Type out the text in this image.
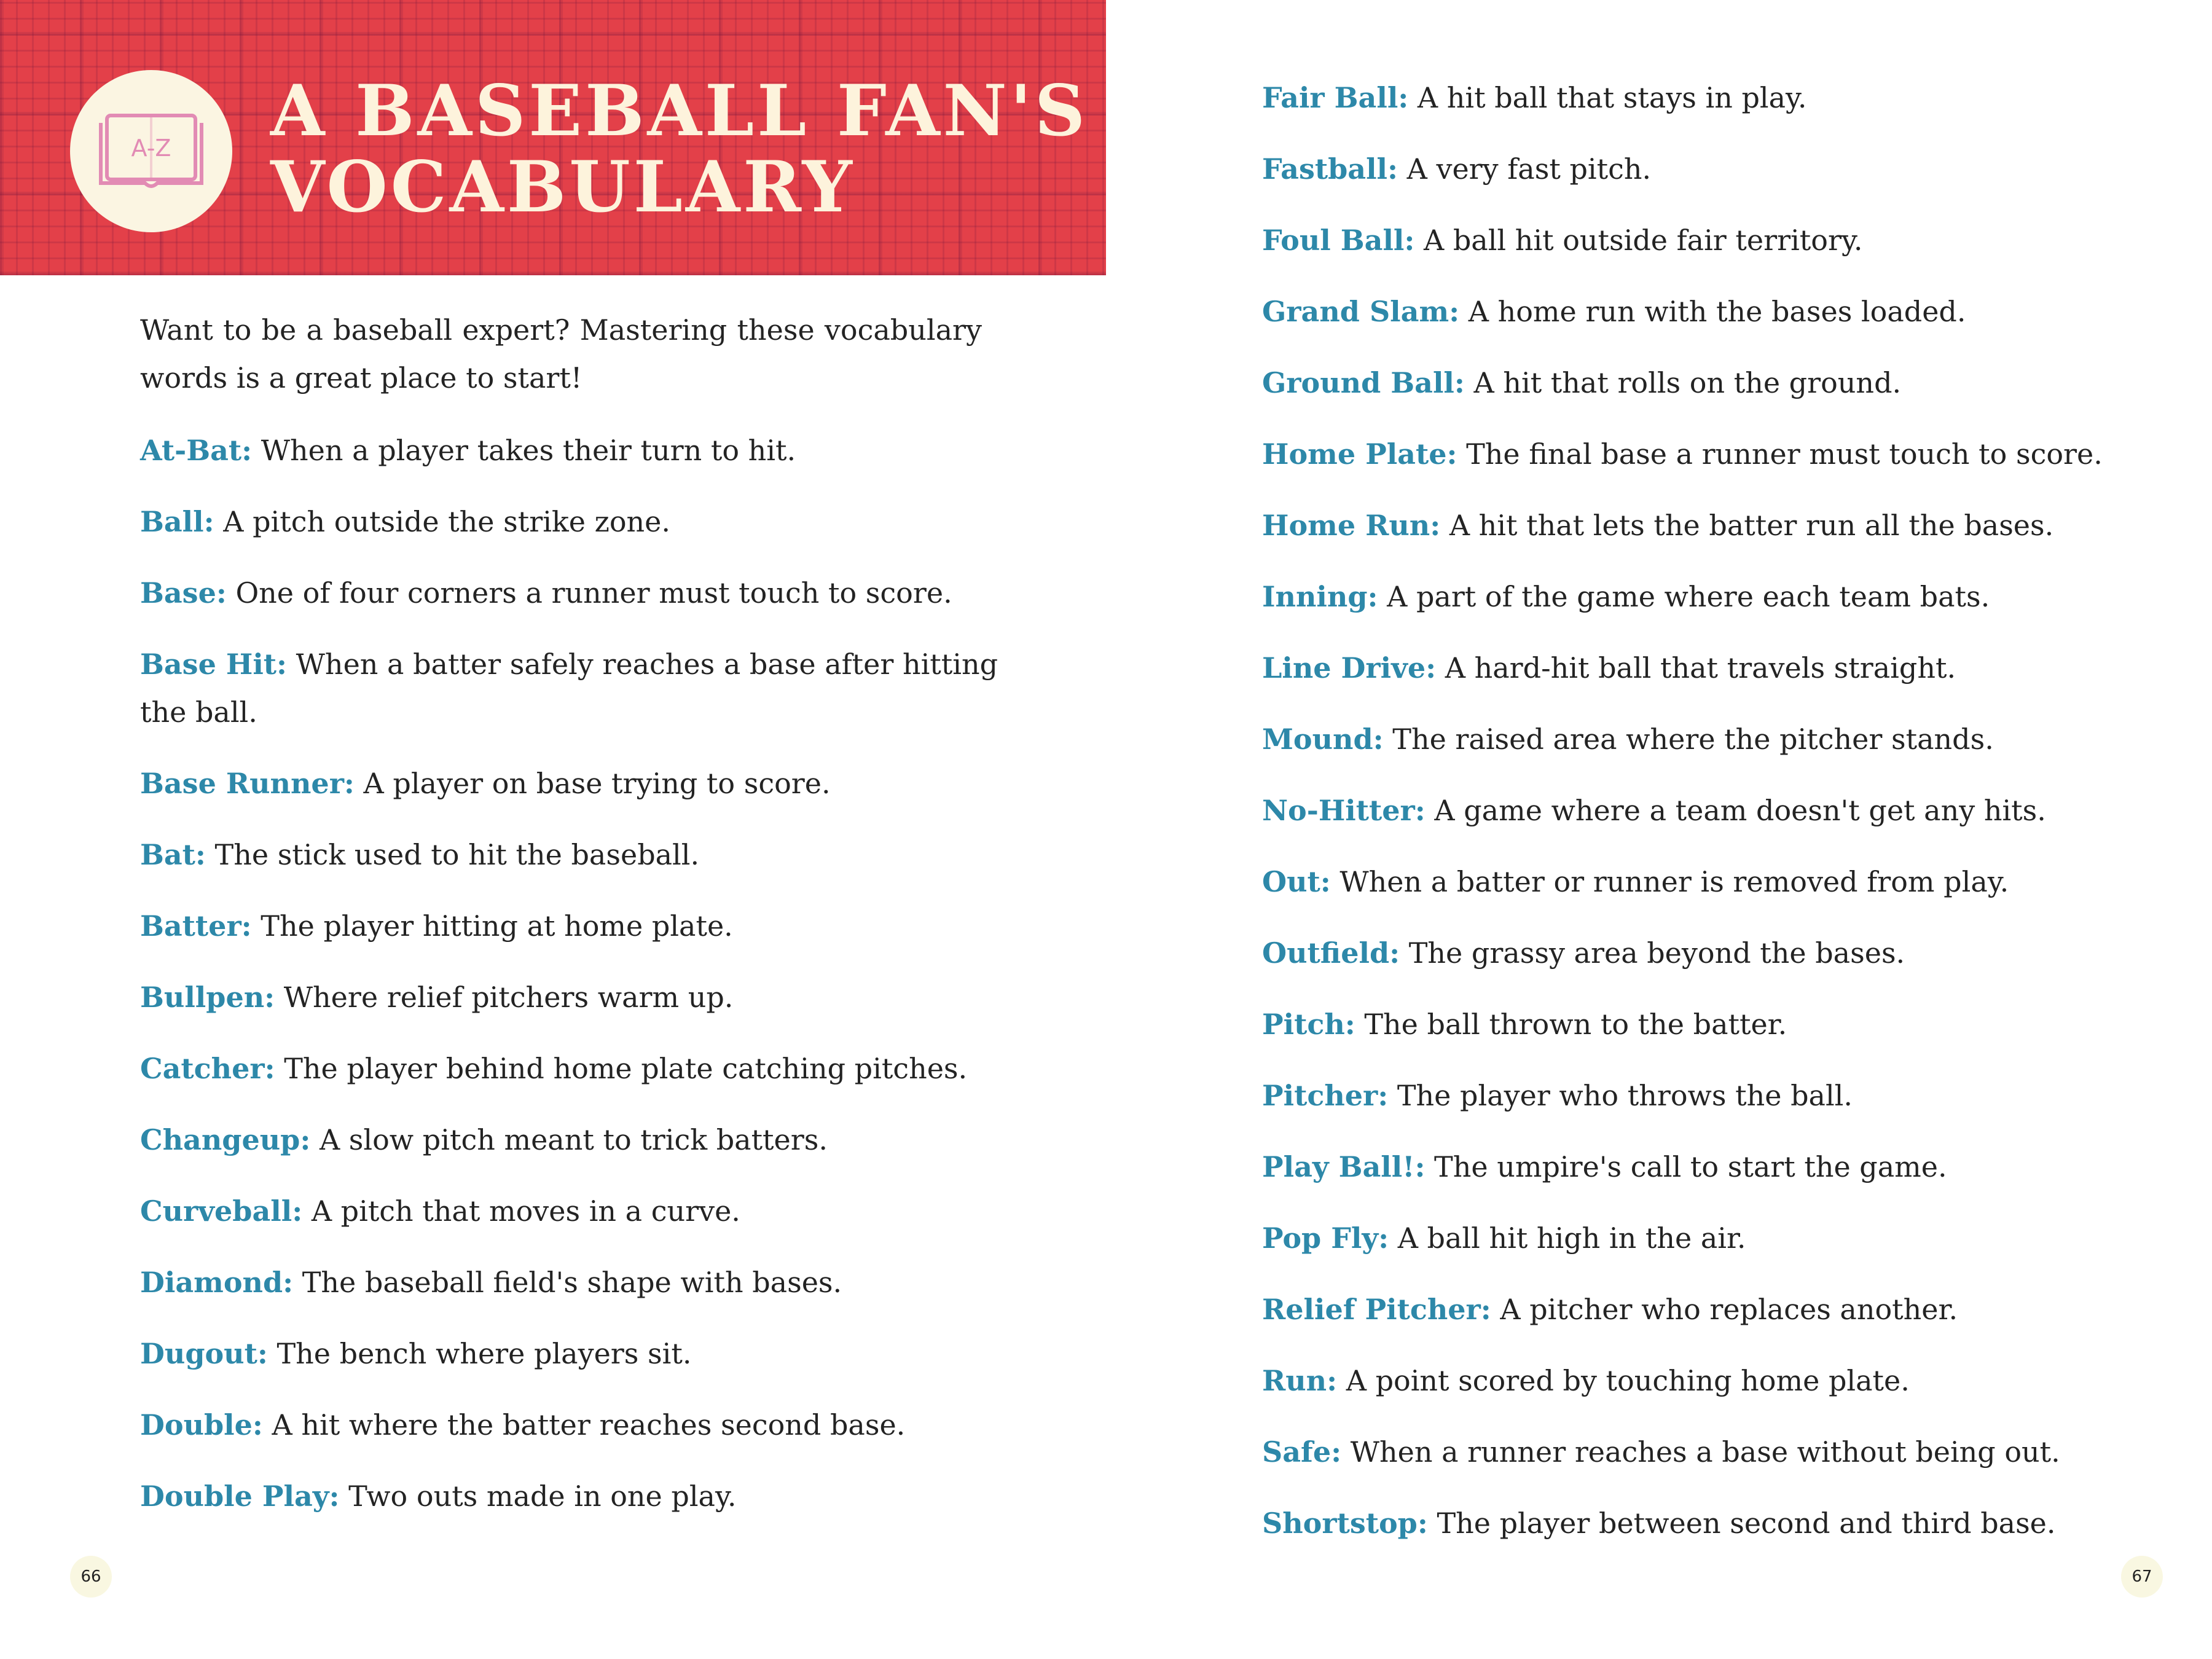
A-Z A BASEBALL FAN'S
VOCABULARY

Want to be a baseball expert? Mastering these vocabulary words is a great place to start!

At-Bat: When a player takes their turn to hit.
Ball: A pitch outside the strike zone.
Base: One of four corners a runner must touch to score.
Base Hit: When a batter safely reaches a base after hitting the ball.
Base Runner: A player on base trying to score.
Bat: The stick used to hit the baseball.
Batter: The player hitting at home plate.
Bullpen: Where relief pitchers warm up.
Catcher: The player behind home plate catching pitches.
Changeup: A slow pitch meant to trick batters.
Curveball: A pitch that moves in a curve.
Diamond: The baseball field's shape with bases.
Dugout: The bench where players sit.
Double: A hit where the batter reaches second base.
Double Play: Two outs made in one play.
66
Fair Ball: A hit ball that stays in play.
Fastball: A very fast pitch.
Foul Ball: A ball hit outside fair territory.
Grand Slam: A home run with the bases loaded.
Ground Ball: A hit that rolls on the ground.
Home Plate: The final base a runner must touch to score.
Home Run: A hit that lets the batter run all the bases.
Inning: A part of the game where each team bats.
Line Drive: A hard-hit ball that travels straight.
Mound: The raised area where the pitcher stands.
No-Hitter: A game where a team doesn't get any hits.
Out: When a batter or runner is removed from play.
Outfield: The grassy area beyond the bases.
Pitch: The ball thrown to the batter.
Pitcher: The player who throws the ball.
Play Ball!: The umpire's call to start the game.
Pop Fly: A ball hit high in the air.
Relief Pitcher: A pitcher who replaces another.
Run: A point scored by touching home plate.
Safe: When a runner reaches a base without being out.
Shortstop: The player between second and third base.
67
